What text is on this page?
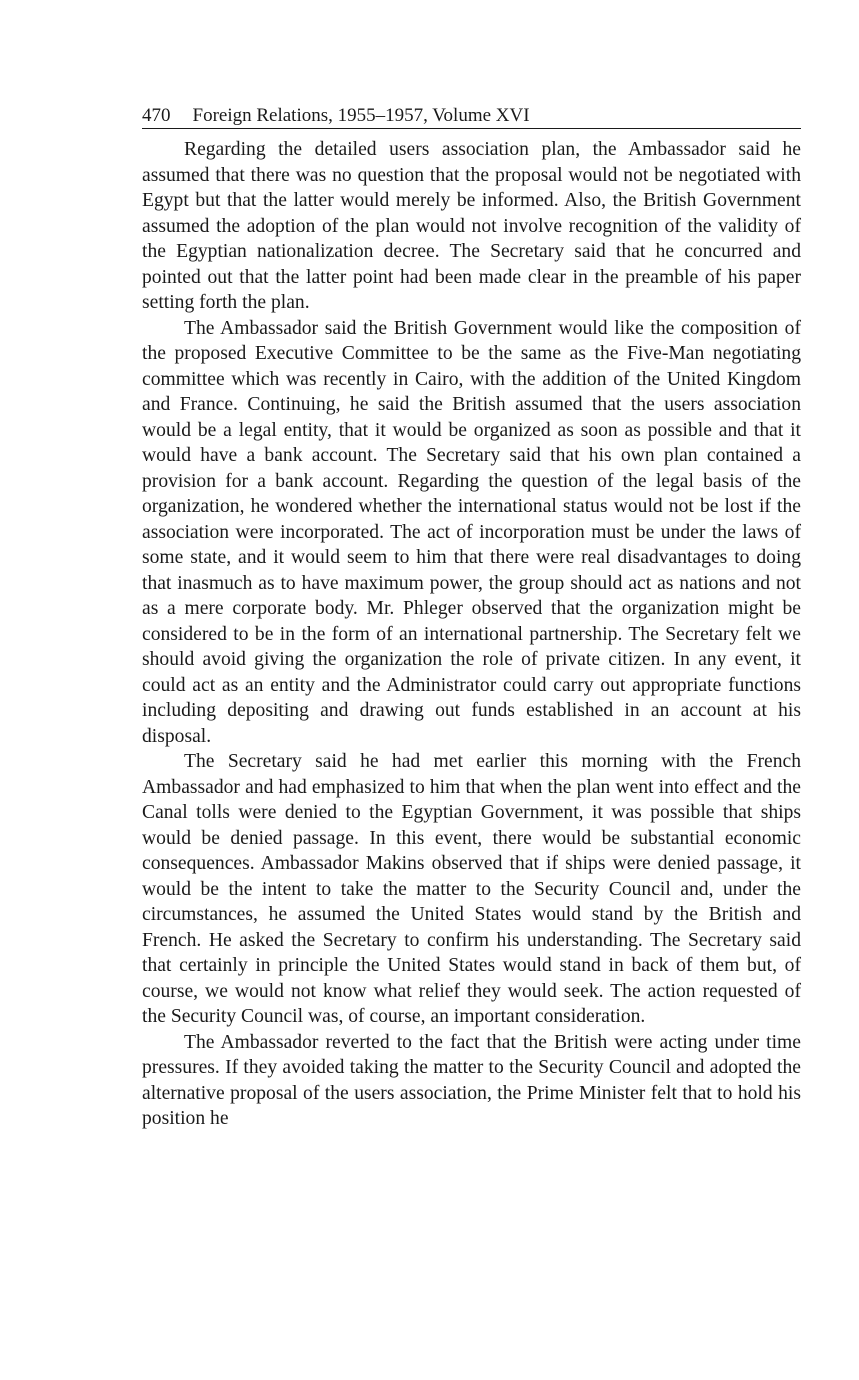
470 Foreign Relations, 1955–1957, Volume XVI

Regarding the detailed users association plan, the Ambassador said he assumed that there was no question that the proposal would not be negotiated with Egypt but that the latter would merely be informed. Also, the British Government assumed the adoption of the plan would not involve recognition of the validity of the Egyptian nationalization decree. The Secretary said that he concurred and pointed out that the latter point had been made clear in the preamble of his paper setting forth the plan.

The Ambassador said the British Government would like the composition of the proposed Executive Committee to be the same as the Five-Man negotiating committee which was recently in Cairo, with the addition of the United Kingdom and France. Continuing, he said the British assumed that the users association would be a legal entity, that it would be organized as soon as possible and that it would have a bank account. The Secretary said that his own plan contained a provision for a bank account. Regarding the question of the legal basis of the organization, he wondered whether the international status would not be lost if the association were incorporated. The act of incorporation must be under the laws of some state, and it would seem to him that there were real disadvantages to doing that inasmuch as to have maximum power, the group should act as nations and not as a mere corporate body. Mr. Phleger observed that the organization might be considered to be in the form of an international partnership. The Secretary felt we should avoid giving the organization the role of private citizen. In any event, it could act as an entity and the Administrator could carry out appropriate functions including depositing and drawing out funds established in an account at his disposal.

The Secretary said he had met earlier this morning with the French Ambassador and had emphasized to him that when the plan went into effect and the Canal tolls were denied to the Egyptian Government, it was possible that ships would be denied passage. In this event, there would be substantial economic consequences. Ambassador Makins observed that if ships were denied passage, it would be the intent to take the matter to the Security Council and, under the circumstances, he assumed the United States would stand by the British and French. He asked the Secretary to confirm his understanding. The Secretary said that certainly in principle the United States would stand in back of them but, of course, we would not know what relief they would seek. The action requested of the Security Council was, of course, an important consideration.

The Ambassador reverted to the fact that the British were acting under time pressures. If they avoided taking the matter to the Security Council and adopted the alternative proposal of the users association, the Prime Minister felt that to hold his position he
